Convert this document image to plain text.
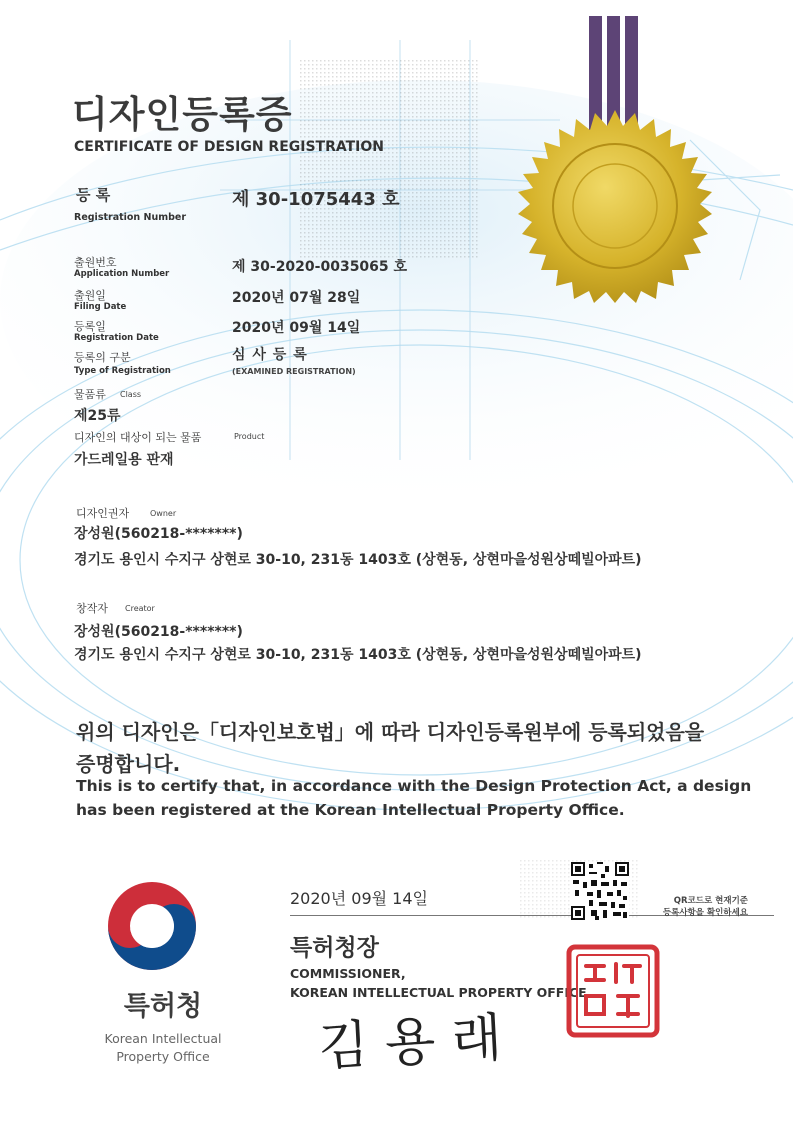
디자인등록증
CERTIFICATE OF DESIGN REGISTRATION
등 록
Registration Number
제 30-1075443 호
출원번호
Application Number	제 30-2020-0035065 호
출원일
Filing Date
2020년 07월 28일
등록일
Registration Date
2020년 09월 14일
등록의 구분
Type of Registration
심 사 등 록
(EXAMINED REGISTRATION)
물품류 Class
제25류
디자인의 대상이 되는 물품	Product
가드레일용 판재
디자인권자	Owner
장성원(560218-*******)
경기도 용인시 수지구 상현로 30-10, 231동 1403호 (상현동, 상현마을성원상떼빌아파트)
창작자 Creator
장성원(560218-*******)
경기도 용인시 수지구 상현로 30-10, 231동 1403호 (상현동, 상현마을성원상떼빌아파트)
위의 디자인은「디자인보호법」에 따라 디자인등록원부에 등록되었음을
증명합니다.
This is to certify that, in accordance with the Design Protection Act, a design
has been registered at the Korean Intellectual Property Office.
특허청
Korean Intellectual
Property Office
2020년 09월 14일	QR코드로 현재기준
등록사항을 확인하세요
특허청장
COMMISSIONER,
KOREAN INTELLECTUAL PROPERTY OFFICE
김 용 래
